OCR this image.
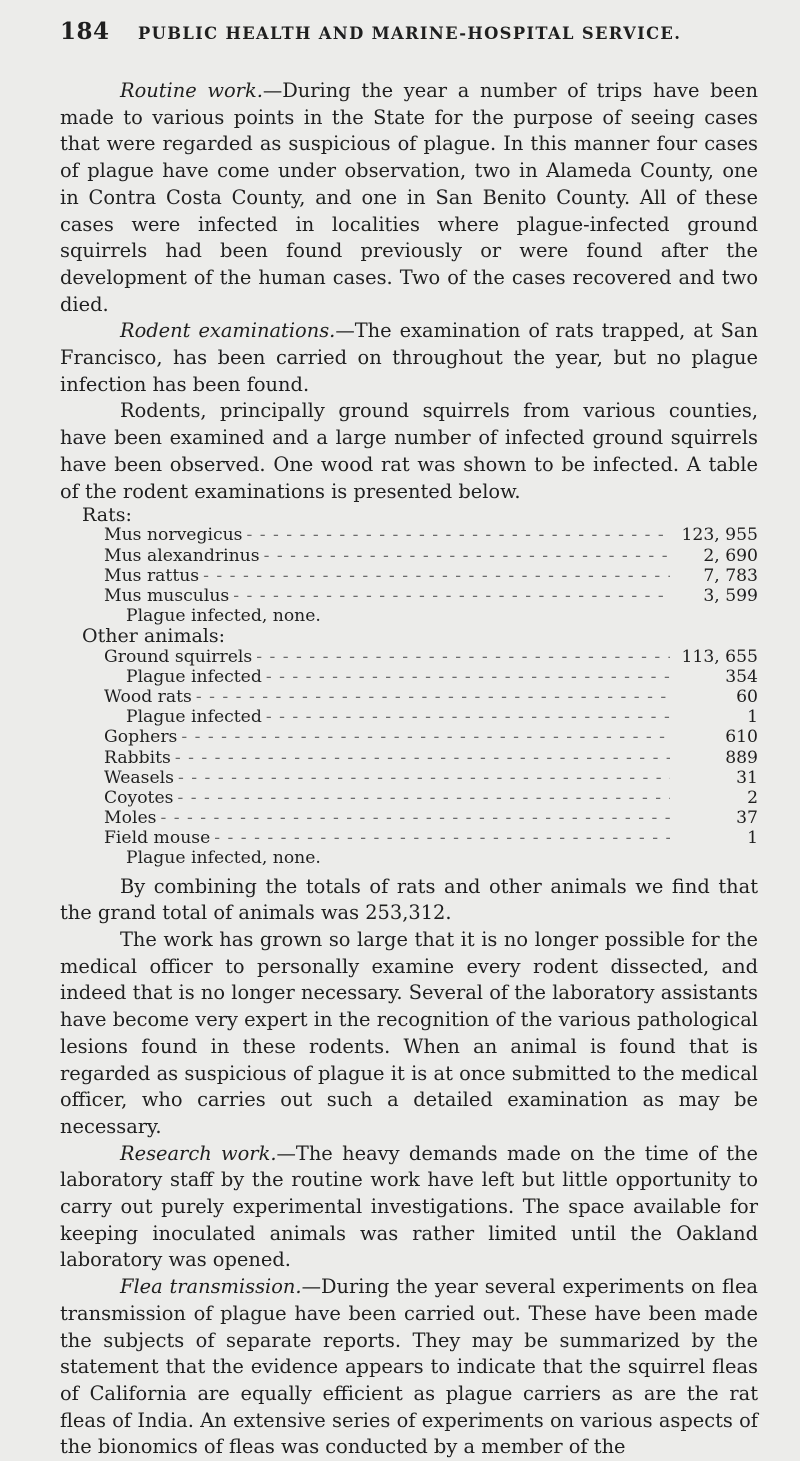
184	PUBLIC HEALTH AND MARINE-HOSPITAL SERVICE.

Routine work.—During the year a number of trips have been made to various points in the State for the purpose of seeing cases that were regarded as suspicious of plague. In this manner four cases of plague have come under observation, two in Alameda County, one in Contra Costa County, and one in San Benito County. All of these cases were infected in localities where plague-infected ground squirrels had been found previously or were found after the development of the human cases. Two of the cases recovered and two died.

Rodent examinations.—The examination of rats trapped, at San Francisco, has been carried on throughout the year, but no plague infection has been found.

Rodents, principally ground squirrels from various counties, have been examined and a large number of infected ground squirrels have been observed. One wood rat was shown to be infected. A table of the rodent examinations is presented below.

Rats:
Mus norvegicus - - -	123, 955
Mus alexandrinus - - -	2, 690
Mus rattus - - -	7, 783
Mus musculus - - -	3, 599
Plague infected, none.
Other animals:
Ground squirrels - - -	113, 655
Plague infected - - -	354
Wood rats - - -	60
Plague infected - - -	1
Gophers - - -	610
Rabbits - - -	889
Weasels - - -	31
Coyotes - - -	2
Moles - - -	37
Field mouse - - -	1
Plague infected, none.

By combining the totals of rats and other animals we find that the grand total of animals was 253,312.

The work has grown so large that it is no longer possible for the medical officer to personally examine every rodent dissected, and indeed that is no longer necessary. Several of the laboratory assistants have become very expert in the recognition of the various pathological lesions found in these rodents. When an animal is found that is regarded as suspicious of plague it is at once submitted to the medical officer, who carries out such a detailed examination as may be necessary.

Research work.—The heavy demands made on the time of the laboratory staff by the routine work have left but little opportunity to carry out purely experimental investigations. The space available for keeping inoculated animals was rather limited until the Oakland laboratory was opened.

Flea transmission.—During the year several experiments on flea transmission of plague have been carried out. These have been made the subjects of separate reports. They may be summarized by the statement that the evidence appears to indicate that the squirrel fleas of California are equally efficient as plague carriers as are the rat fleas of India. An extensive series of experiments on various aspects of the bionomics of fleas was conducted by a member of the
